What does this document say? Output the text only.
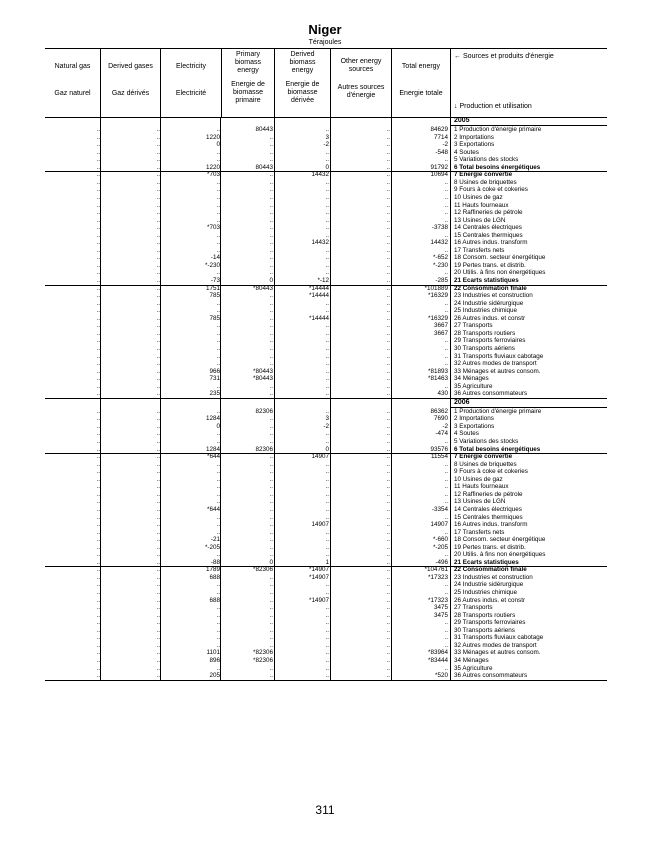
Niger
Térajoules
Natural gas
Gaz naturel
Derived gases
Gaz dérivés
Electricity
Electricité
Primary biomass energy
Energie de biomasse primaire
Derived biomass energy
Energie de biomasse dérivée
Other energy sources
Autres sources d'énergie
Total energy
Energie totale
← Sources et produits d'énergie
↓ Production et utilisation
2005
..	..	..	80443	..	..	84629 1 Production d'énergie primaire
..	..	1220	..	3	..	7714 2 Importations
..	..	0	..	-2	..	-2 3 Exportations
..	..	..	..	..	..	-548 4 Soutes
..	..	..	..	..	..	.. 5 Variations des stocks
..	..	1220	80443	0	..	91792 6 Total besoins énergétiques
..	..	*703	..	14432	..	10694 7 Energie convertie
..	..	..	..	..	..	.. 8 Usines de briquettes
..	..	..	..	..	..	.. 9 Fours à coke et cokeries
..	..	..	..	..	..	.. 10 Usines de gaz
..	..	..	..	..	..	.. 11 Hauts fourneaux
..	..	..	..	..	..	.. 12 Raffineries de pétrole
..	..	..	..	..	..	.. 13 Usines de LGN
..	..	*703	..	..	..	-3738 14 Centrales électriques
..	..	..	..	..	..	.. 15 Centrales thermiques
..	..	..	..	14432	..	14432 16 Autres indus. transform
..	..	..	..	..	..	.. 17 Transferts nets
..	..	-14	..	..	..	*-652 18 Consom. secteur énergétique
..	..	*-230	..	..	..	*-230 19 Pertes trans. et distrib.
..	..	..	..	..	..	.. 20 Utilis. à fins non énergétiques
..	..	-73	0	*-12	..	-285 21 Ecarts statistiques
..	..	1751	*80443	*14444	..	*101889 22 Consommation finale
..	..	785	..	*14444	..	*16329 23 Industries et construction
..	..	..	..	..	..	.. 24 Industrie sidérurgique
..	..	..	..	..	..	.. 25 Industries chimique
..	..	785	..	*14444	..	*16329 26 Autres indus. et constr
..	..	..	..	..	..	3667 27 Transports
..	..	..	..	..	..	3667 28 Transports routiers
..	..	..	..	..	..	.. 29 Transports ferroviaires
..	..	..	..	..	..	.. 30 Transports aériens
..	..	..	..	..	..	.. 31 Transports fluviaux cabotage
..	..	..	..	..	..	.. 32 Autres modes de transport
..	..	966	*80443	..	..	*81893 33 Ménages et autres consom.
..	..	731	*80443	..	..	*81463 34 Ménages
..	..	..	..	..	..	.. 35 Agriculture
..	..	235	..	..	..	430 36 Autres consommateurs
2006
..	..	..	82306	..	..	86362 1 Production d'énergie primaire
..	..	1284	..	3	..	7690 2 Importations
..	..	0	..	-2	..	-2 3 Exportations
..	..	..	..	..	..	-474 4 Soutes
..	..	..	..	..	..	.. 5 Variations des stocks
..	..	1284	82306	0	..	93576 6 Total besoins énergétiques
..	..	*644	..	14907	..	11554 7 Energie convertie
..	..	..	..	..	..	.. 8 Usines de briquettes
..	..	..	..	..	..	.. 9 Fours à coke et cokeries
..	..	..	..	..	..	.. 10 Usines de gaz
..	..	..	..	..	..	.. 11 Hauts fourneaux
..	..	..	..	..	..	.. 12 Raffineries de pétrole
..	..	..	..	..	..	.. 13 Usines de LGN
..	..	*644	..	..	..	-3354 14 Centrales électriques
..	..	..	..	..	..	.. 15 Centrales thermiques
..	..	..	..	14907	..	14907 16 Autres indus. transform
..	..	..	..	..	..	.. 17 Transferts nets
..	..	-21	..	..	..	*-660 18 Consom. secteur énergétique
..	..	*-205	..	..	..	*-205 19 Pertes trans. et distrib.
..	..	..	..	..	..	.. 20 Utilis. à fins non énergétiques
..	..	-88	0	1	..	-496 21 Ecarts statistiques
..	..	1789	*82306	*14907	..	*104761 22 Consommation finale
..	..	688	..	*14907	..	*17323 23 Industries et construction
..	..	..	..	..	..	.. 24 Industrie sidérurgique
..	..	..	..	..	..	.. 25 Industries chimique
..	..	688	..	*14907	..	*17323 26 Autres indus. et constr
..	..	..	..	..	..	3475 27 Transports
..	..	..	..	..	..	3475 28 Transports routiers
..	..	..	..	..	..	.. 29 Transports ferroviaires
..	..	..	..	..	..	.. 30 Transports aériens
..	..	..	..	..	..	.. 31 Transports fluviaux cabotage
..	..	..	..	..	..	.. 32 Autres modes de transport
..	..	1101	*82306	..	..	*83964 33 Ménages et autres consom.
..	..	896	*82306	..	..	*83444 34 Ménages
..	..	..	..	..	..	.. 35 Agriculture
..	..	205	..	..	..	*520 36 Autres consommateurs
311
